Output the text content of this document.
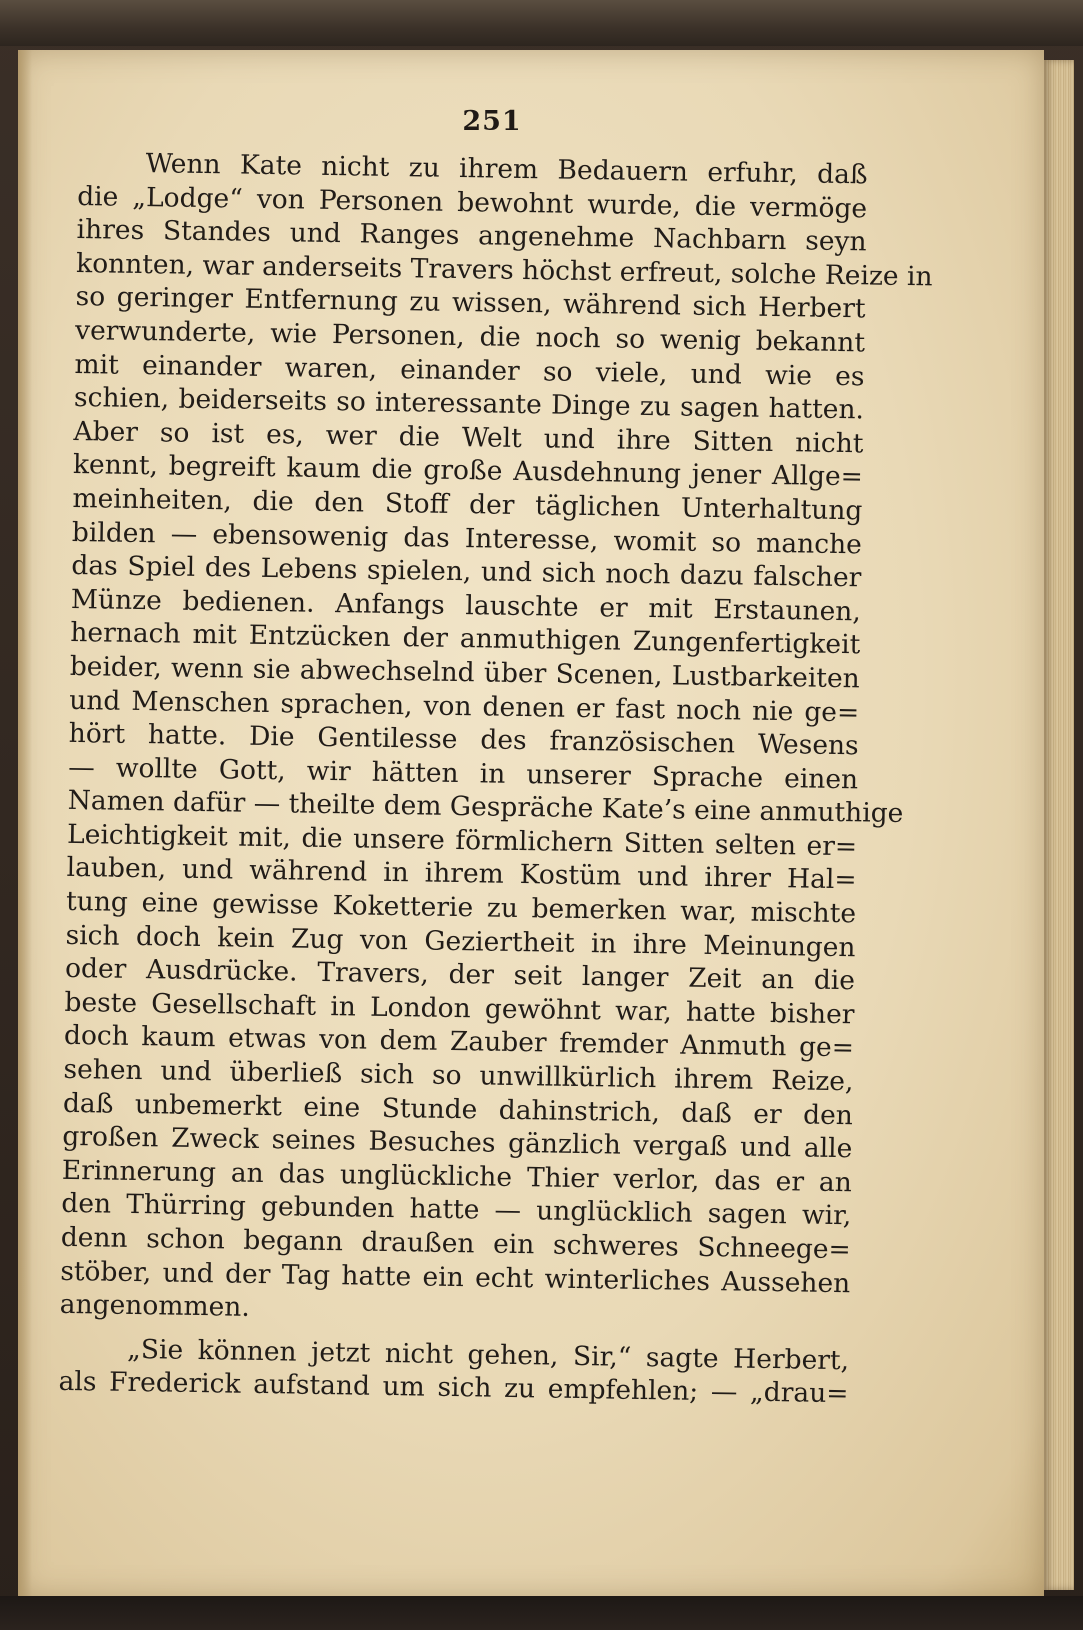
251
Wenn Kate nicht zu ihrem Bedauern erfuhr, daß
die „Lodge“ von Personen bewohnt wurde, die vermöge
ihres Standes und Ranges angenehme Nachbarn seyn
konnten, war anderseits Travers höchst erfreut, solche Reize in
so geringer Entfernung zu wissen, während sich Herbert
verwunderte, wie Personen, die noch so wenig bekannt
mit einander waren, einander so viele, und wie es
schien, beiderseits so interessante Dinge zu sagen hatten.
Aber so ist es, wer die Welt und ihre Sitten nicht
kennt, begreift kaum die große Ausdehnung jener Allge=
meinheiten, die den Stoff der täglichen Unterhaltung
bilden — ebensowenig das Interesse, womit so manche
das Spiel des Lebens spielen, und sich noch dazu falscher
Münze bedienen. Anfangs lauschte er mit Erstaunen,
hernach mit Entzücken der anmuthigen Zungenfertigkeit
beider, wenn sie abwechselnd über Scenen, Lustbarkeiten
und Menschen sprachen, von denen er fast noch nie ge=
hört hatte. Die Gentilesse des französischen Wesens
— wollte Gott, wir hätten in unserer Sprache einen
Namen dafür — theilte dem Gespräche Kate’s eine anmuthige
Leichtigkeit mit, die unsere förmlichern Sitten selten er=
lauben, und während in ihrem Kostüm und ihrer Hal=
tung eine gewisse Koketterie zu bemerken war, mischte
sich doch kein Zug von Geziertheit in ihre Meinungen
oder Ausdrücke. Travers, der seit langer Zeit an die
beste Gesellschaft in London gewöhnt war, hatte bisher
doch kaum etwas von dem Zauber fremder Anmuth ge=
sehen und überließ sich so unwillkürlich ihrem Reize,
daß unbemerkt eine Stunde dahinstrich, daß er den
großen Zweck seines Besuches gänzlich vergaß und alle
Erinnerung an das unglückliche Thier verlor, das er an
den Thürring gebunden hatte — unglücklich sagen wir,
denn schon begann draußen ein schweres Schneege=
stöber, und der Tag hatte ein echt winterliches Aussehen
angenommen.
„Sie können jetzt nicht gehen, Sir,“ sagte Herbert,
als Frederick aufstand um sich zu empfehlen; — „drau=
